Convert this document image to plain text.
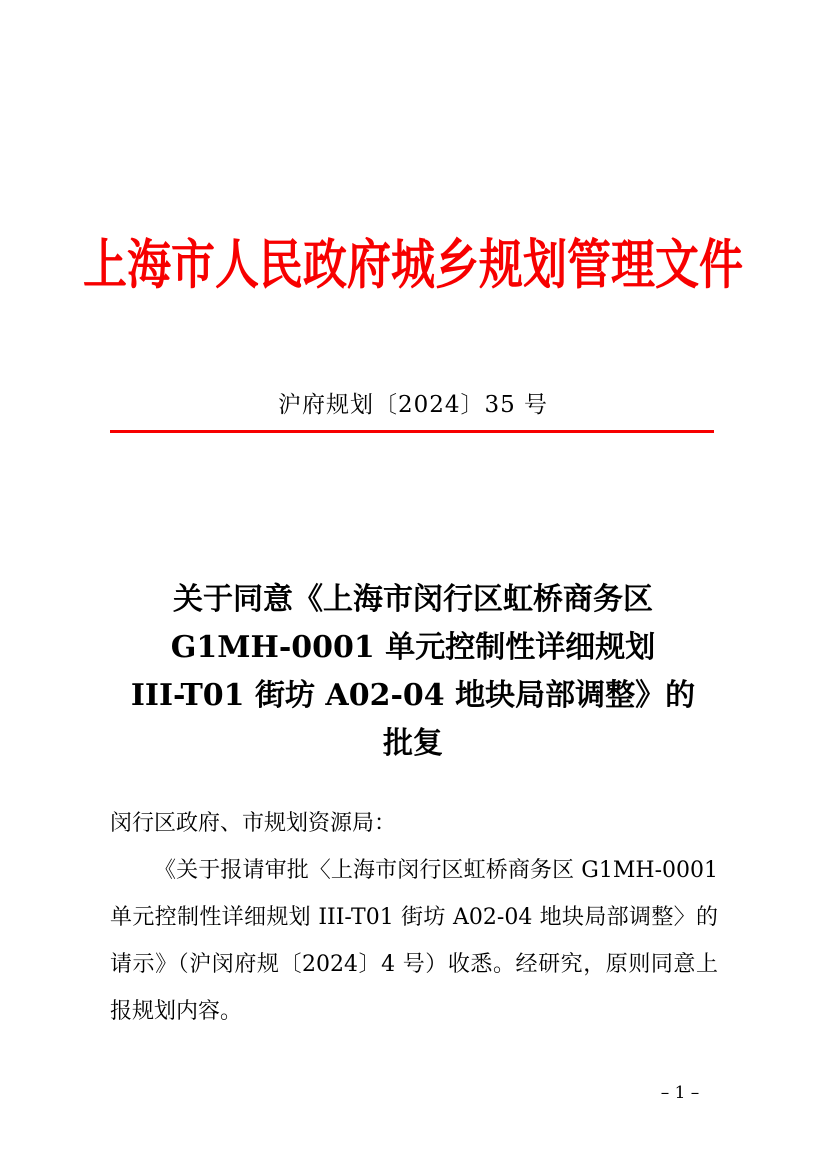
上海市人民政府城乡规划管理文件
沪府规划〔2024〕35 号
关于同意《上海市闵行区虹桥商务区
G1MH-0001 单元控制性详细规划
III-T01 街坊 A02-04 地块局部调整》的
批复

闵行区政府、市规划资源局：

《关于报请审批〈上海市闵行区虹桥商务区 G1MH-0001 单元控制性详细规划 III-T01 街坊 A02-04 地块局部调整〉的请示》（沪闵府规〔2024〕4 号）收悉。经研究，原则同意上报规划内容。

– 1 –
